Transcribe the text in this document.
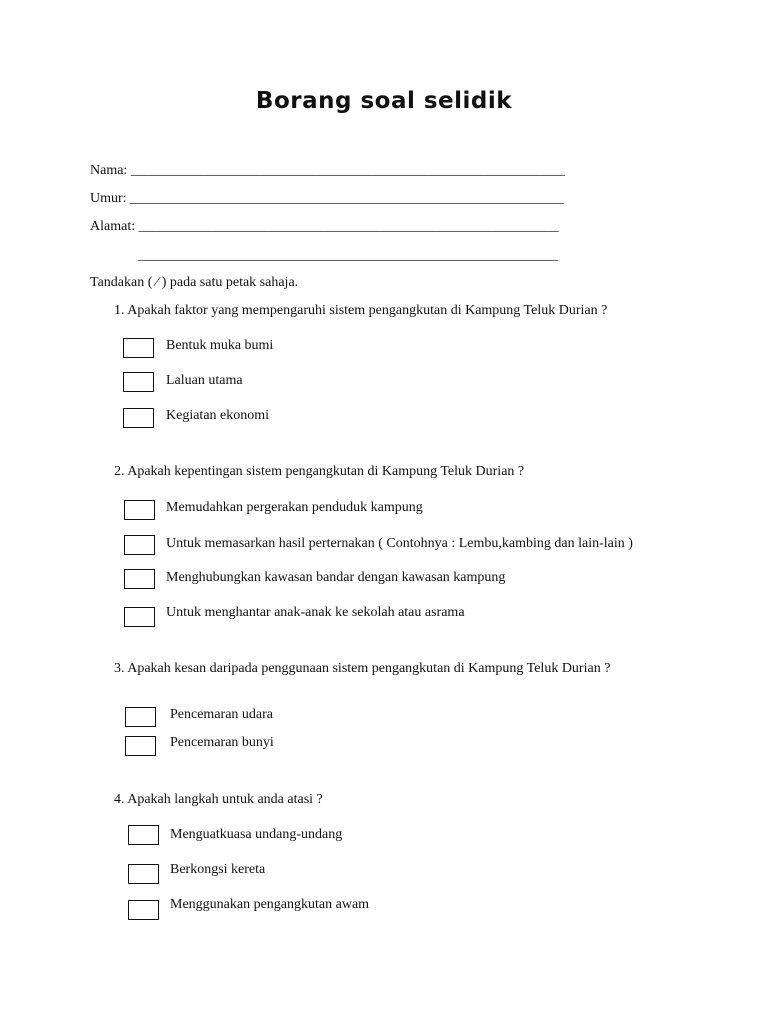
Borang soal selidik
Nama: ______________________________________________________________
Umur: ______________________________________________________________
Alamat: ____________________________________________________________
____________________________________________________________
Tandakan ( ⁄ ) pada satu petak sahaja.
1. Apakah faktor yang mempengaruhi sistem pengangkutan di Kampung Teluk Durian ?
Bentuk muka bumi
Laluan utama
Kegiatan ekonomi
2. Apakah kepentingan sistem pengangkutan di Kampung Teluk Durian ?
Memudahkan pergerakan penduduk kampung
Untuk memasarkan hasil perternakan ( Contohnya : Lembu,kambing dan lain-lain )
Menghubungkan kawasan bandar dengan kawasan kampung
Untuk menghantar anak-anak ke sekolah atau asrama
3. Apakah kesan daripada penggunaan sistem pengangkutan di Kampung Teluk Durian ?
Pencemaran udara
Pencemaran bunyi
4. Apakah langkah untuk anda atasi ?
Menguatkuasa undang-undang
Berkongsi kereta
Menggunakan pengangkutan awam
